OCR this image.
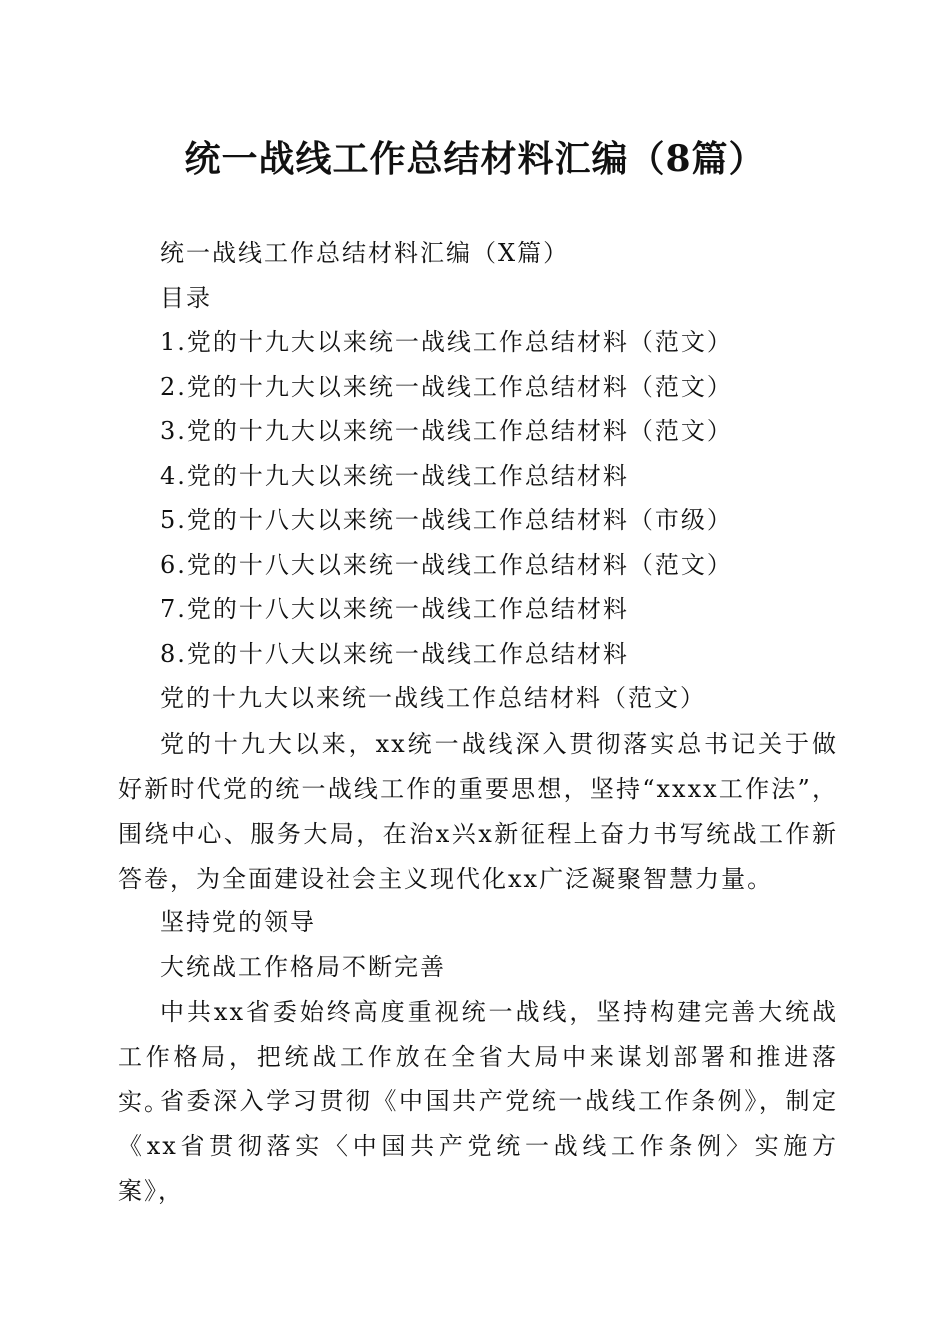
统一战线工作总结材料汇编（8篇）
统一战线工作总结材料汇编（X篇）
目录
1.党的十九大以来统一战线工作总结材料（范文）
2.党的十九大以来统一战线工作总结材料（范文）
3.党的十九大以来统一战线工作总结材料（范文）
4.党的十九大以来统一战线工作总结材料
5.党的十八大以来统一战线工作总结材料（市级）
6.党的十八大以来统一战线工作总结材料（范文）
7.党的十八大以来统一战线工作总结材料
8.党的十八大以来统一战线工作总结材料
党的十九大以来统一战线工作总结材料（范文）

党的十九大以来，xx统一战线深入贯彻落实总书记关于做好新时代党的统一战线工作的重要思想，坚持“xxxx工作法”，围绕中心、服务大局，在治x兴x新征程上奋力书写统战工作新答卷，为全面建设社会主义现代化xx广泛凝聚智慧力量。

坚持党的领导
大统战工作格局不断完善

中共xx省委始终高度重视统一战线，坚持构建完善大统战工作格局，把统战工作放在全省大局中来谋划部署和推进落实。

省委深入学习贯彻《中国共产党统一战线工作条例》，制定《xx省贯彻落实〈中国共产党统一战线工作条例〉实施方案》，
